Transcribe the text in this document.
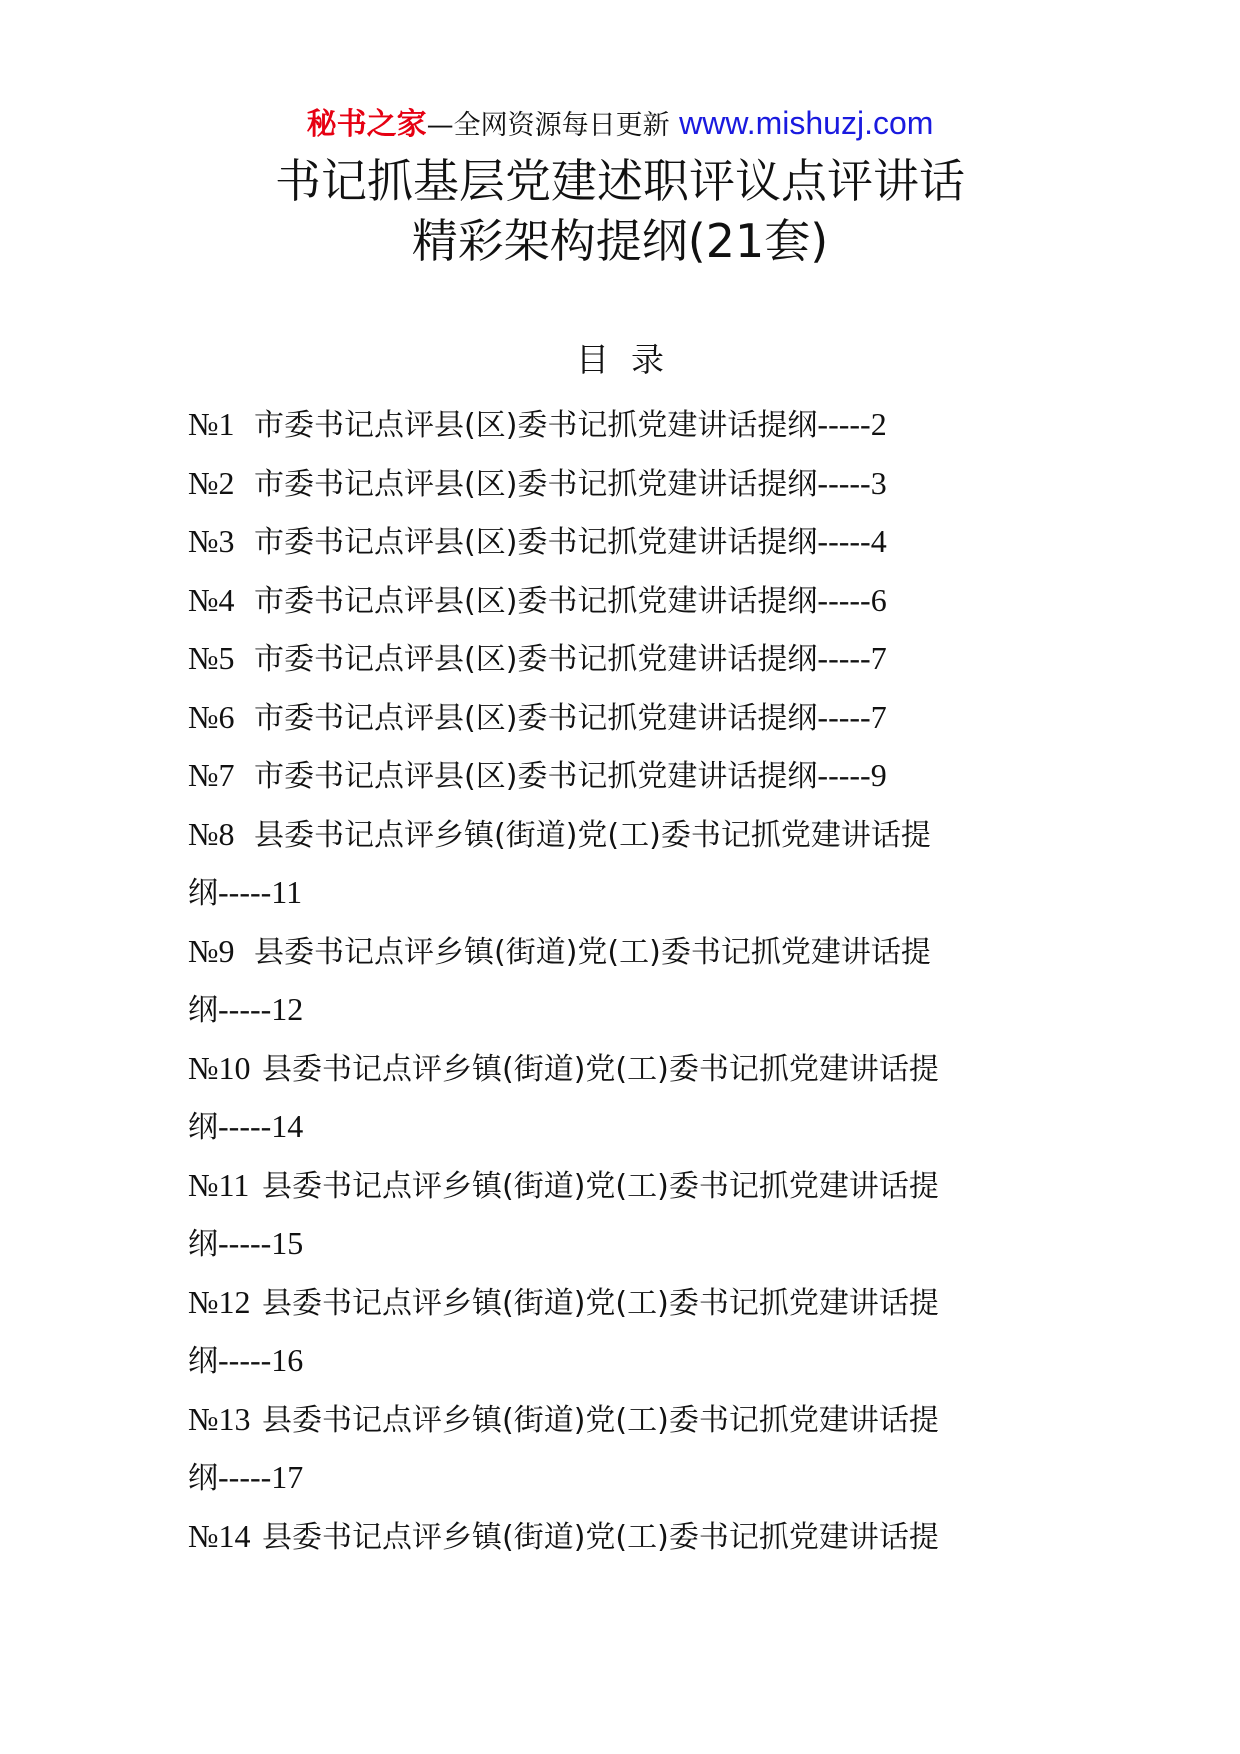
秘书之家—全网资源每日更新 www.mishuzj.com
书记抓基层党建述职评议点评讲话
精彩架构提纲(21套)
目录
№1 市委书记点评县(区)委书记抓党建讲话提纲-----2
№2 市委书记点评县(区)委书记抓党建讲话提纲-----3
№3 市委书记点评县(区)委书记抓党建讲话提纲-----4
№4 市委书记点评县(区)委书记抓党建讲话提纲-----6
№5 市委书记点评县(区)委书记抓党建讲话提纲-----7
№6 市委书记点评县(区)委书记抓党建讲话提纲-----7
№7 市委书记点评县(区)委书记抓党建讲话提纲-----9
№8 县委书记点评乡镇(街道)党(工)委书记抓党建讲话提
纲-----11
№9 县委书记点评乡镇(街道)党(工)委书记抓党建讲话提
纲-----12
№10 县委书记点评乡镇(街道)党(工)委书记抓党建讲话提
纲-----14
№11 县委书记点评乡镇(街道)党(工)委书记抓党建讲话提
纲-----15
№12 县委书记点评乡镇(街道)党(工)委书记抓党建讲话提
纲-----16
№13 县委书记点评乡镇(街道)党(工)委书记抓党建讲话提
纲-----17
№14 县委书记点评乡镇(街道)党(工)委书记抓党建讲话提
